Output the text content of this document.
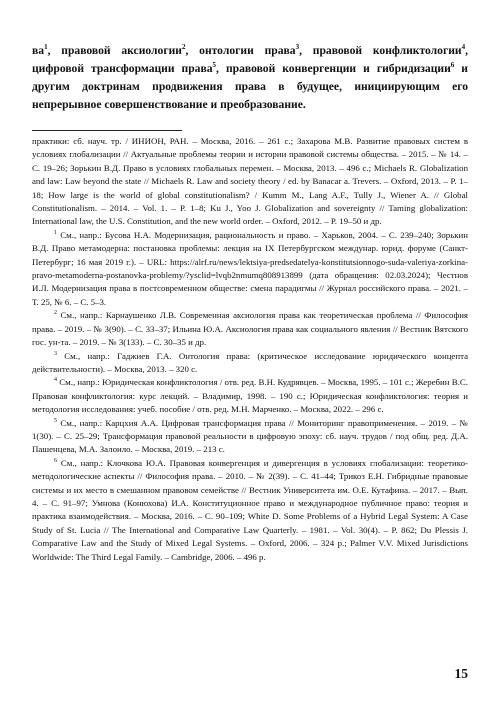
$ва^1$, правовой аксиологии$^2$, онтологии права$^3$, правовой конфликтологии$^4$, цифровой трансформации права$^5$, правовой конвергенции и гибридизации$^6$ и другим доктринам продвижения права в будущее, инициирующим его непрерывное совершенствование и преобразование.

практики: сб. науч. тр. / ИНИОН, РАН. – Москва, 2016. – 261 с.; Захарова М.В. Развитие правовых систем в условиях глобализации // Актуальные проблемы теории и истории правовой системы общества. – 2015. – № 14. – С. 19–26; Зорькин В.Д. Право в условиях глобальных перемен. – Москва, 2013. – 496 с.; Michaels R. Globalization and law: Law beyond the state // Michaels R. Law and society theory / ed. by Banacar a. Trevers. – Oxford, 2013. – P. 1–18; How large is the world of global constitutionalism? / Kumm M., Lang A.F., Tully J., Wiener A. // Global Constitutionalism. – 2014. – Vol. 1. – P. 1–8; Ku J., Yoo J. Globalization and sovereignty // Taming globalization: International law, the U.S. Constitution, and the new world order. – Oxford, 2012. – P. 19–50 и др.

$^1$ См., напр.: Бусова Н.А. Модернизация, рациональность и право. – Харьков, 2004. – С. 239–240; Зорькин В.Д. Право метамодерна: постановка проблемы: лекция на IX Петербургском междунар. юрид. форуме (Санкт-Петербург; 16 мая 2019 г.). – URL: https://alrf.ru/news/lektsiya-predsedatelya-konstitutsionnogo-suda-valeriya-zorkina-pravo-metamoderna-postanovka-problemy/?ysclid=lvqb2nmumq808913899 (дата обращения: 02.03.2024); Честнов И.Л. Модернизация права в постсовременном обществе: смена парадигмы // Журнал российского права. – 2021. – Т. 25, № 6. – С. 5–3.

$^2$ См., напр.: Карнаушенко Л.В. Современная аксиология права как теоретическая проблема // Философия права. – 2019. – № 3(90). – С. 33–37; Ильина Ю.А. Аксиология права как социального явления // Вестник Вятского гос. ун-та. – 2019. – № 3(133). – С. 30–35 и др.

$^3$ См., напр.: Гаджиев Г.А. Онтология права: (критическое исследование юридического концепта действительности). – Москва, 2013. – 320 с.

$^4$ См., напр.: Юридическая конфликтология / отв. ред. В.Н. Кудрявцев. – Москва, 1995. – 101 с.; Жеребин В.С. Правовая конфликтология: курс лекций. – Владимир, 1998. – 190 с.; Юридическая конфликтология: теория и методология исследования: учеб. пособие / отв. ред. М.Н. Марченко. – Москва, 2022. – 296 с.

$^5$ См., напр.: Карцхия А.А. Цифровая трансформация права // Мониторинг правоприменения. – 2019. – № 1(30). – С. 25–29; Трансформация правовой реальности в цифровую эпоху: сб. науч. трудов / под общ. ред. Д.А. Пашенцева, М.А. Залоило. – Москва, 2019. – 213 с.

$^6$ См., напр.: Клочкова Ю.А. Правовая конвергенция и дивергенция в условиях глобализации: теоретико-методологические аспекты // Философия права. – 2010. – № 2(39). – С. 41–44; Трикоз Е.Н. Гибридные правовые системы и их место в смешанном правовом семействе // Вестник Университета им. О.Е. Кутафина. – 2017. – Вып. 4. – С. 91–97; Умнова (Конюхова) И.А. Конституционное право и международное публичное право: теория и практика взаимодействия. – Москва, 2016. – С. 90–109; White D. Some Problems of a Hybrid Legal System: A Case Study of St. Lucia // The International and Comparative Law Quarterly. – 1981. – Vol. 30(4). – P. 862; Du Plessis J. Comparative Law and the Study of Mixed Legal Systems. – Oxford, 2006. – 324 p.; Palmer V.V. Mixed Jurisdictions Worldwide: The Third Legal Family. – Cambridge, 2006. – 496 p.

15
